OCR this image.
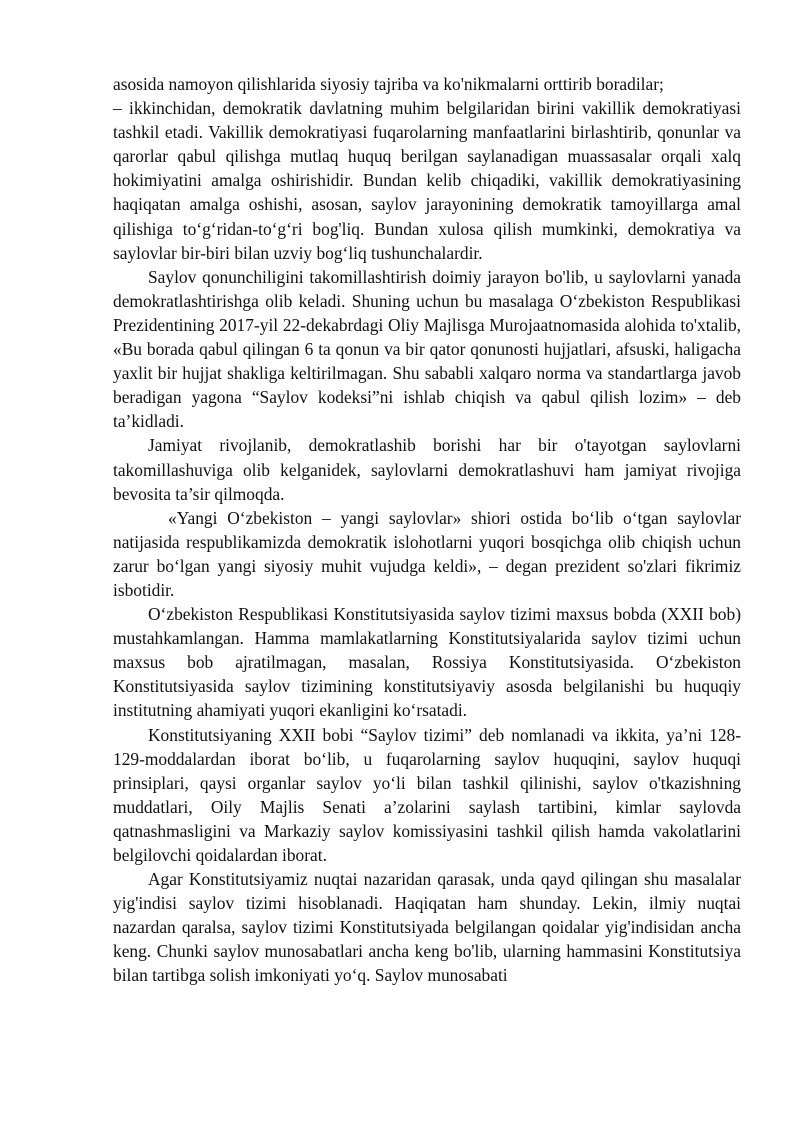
asosida namoyon qilishlarida siyosiy tajriba va ko'nikmalarni orttirib boradilar;

– ikkinchidan, demokratik davlatning muhim belgilaridan birini vakillik demokratiyasi tashkil etadi. Vakillik demokratiyasi fuqarolarning manfaatlarini birlashtirib, qonunlar va qarorlar qabul qilishga mutlaq huquq berilgan saylanadigan muassasalar orqali xalq hokimiyatini amalga oshirishidir. Bundan kelib chiqadiki, vakillik demokratiyasining haqiqatan amalga oshishi, asosan, saylov jarayonining demokratik tamoyillarga amal qilishiga to‘g‘ridan-to‘g‘ri bog'liq. Bundan xulosa qilish mumkinki, demokratiya va saylovlar bir-biri bilan uzviy bog‘liq tushunchalardir.

Saylov qonunchiligini takomillashtirish doimiy jarayon bo'lib, u saylovlarni yanada demokratlashtirishga olib keladi. Shuning uchun bu masalaga O‘zbekiston Respublikasi Prezidentining 2017-yil 22-dekabrdagi Oliy Majlisga Murojaatnomasida alohida to'xtalib, «Bu borada qabul qilingan 6 ta qonun va bir qator qonunosti hujjatlari, afsuski, haligacha yaxlit bir hujjat shakliga keltirilmagan. Shu sababli xalqaro norma va standartlarga javob beradigan yagona “Saylov kodeksi”ni ishlab chiqish va qabul qilish lozim» – deb ta’kidladi.

Jamiyat rivojlanib, demokratlashib borishi har bir o'tayotgan saylovlarni takomillashuviga olib kelganidek, saylovlarni demokratlashuvi ham jamiyat rivojiga bevosita ta’sir qilmoqda.

«Yangi O‘zbekiston – yangi saylovlar» shiori ostida bo‘lib o‘tgan saylovlar natijasida respublikamizda demokratik islohotlarni yuqori bosqichga olib chiqish uchun zarur bo‘lgan yangi siyosiy muhit vujudga keldi», – degan prezident so'zlari fikrimiz isbotidir.

O‘zbekiston Respublikasi Konstitutsiyasida saylov tizimi maxsus bobda (XXII bob) mustahkamlangan. Hamma mamlakatlarning Konstitutsiyalarida saylov tizimi uchun maxsus bob ajratilmagan, masalan, Rossiya Konstitutsiyasida. O‘zbekiston Konstitutsiyasida saylov tizimining konstitutsiyaviy asosda belgilanishi bu huquqiy institutning ahamiyati yuqori ekanligini ko‘rsatadi.

Konstitutsiyaning XXII bobi “Saylov tizimi” deb nomlanadi va ikkita, ya’ni 128-129-moddalardan iborat bo‘lib, u fuqarolarning saylov huquqini, saylov huquqi prinsiplari, qaysi organlar saylov yo‘li bilan tashkil qilinishi, saylov o'tkazishning muddatlari, Oily Majlis Senati a’zolarini saylash tartibini, kimlar saylovda qatnashmasligini va Markaziy saylov komissiyasini tashkil qilish hamda vakolatlarini belgilovchi qoidalardan iborat.

Agar Konstitutsiyamiz nuqtai nazaridan qarasak, unda qayd qilingan shu masalalar yig'indisi saylov tizimi hisoblanadi. Haqiqatan ham shunday. Lekin, ilmiy nuqtai nazardan qaralsa, saylov tizimi Konstitutsiyada belgilangan qoidalar yig'indisidan ancha keng. Chunki saylov munosabatlari ancha keng bo'lib, ularning hammasini Konstitutsiya bilan tartibga solish imkoniyati yo‘q. Saylov munosabati
